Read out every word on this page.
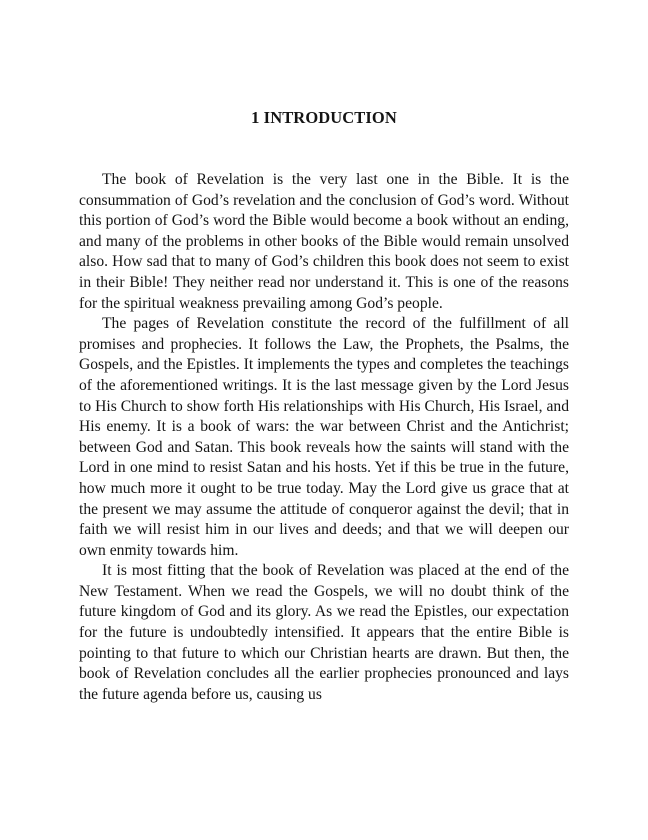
1 INTRODUCTION

The book of Revelation is the very last one in the Bible. It is the consummation of God’s revelation and the conclusion of God’s word. Without this portion of God’s word the Bible would become a book without an ending, and many of the problems in other books of the Bible would remain unsolved also. How sad that to many of God’s children this book does not seem to exist in their Bible! They neither read nor understand it. This is one of the reasons for the spiritual weakness prevailing among God’s people.

The pages of Revelation constitute the record of the fulfillment of all promises and prophecies. It follows the Law, the Prophets, the Psalms, the Gospels, and the Epistles. It implements the types and completes the teachings of the aforementioned writings. It is the last message given by the Lord Jesus to His Church to show forth His relationships with His Church, His Israel, and His enemy. It is a book of wars: the war between Christ and the Antichrist; between God and Satan. This book reveals how the saints will stand with the Lord in one mind to resist Satan and his hosts. Yet if this be true in the future, how much more it ought to be true today. May the Lord give us grace that at the present we may assume the attitude of conqueror against the devil; that in faith we will resist him in our lives and deeds; and that we will deepen our own enmity towards him.

It is most fitting that the book of Revelation was placed at the end of the New Testament. When we read the Gospels, we will no doubt think of the future kingdom of God and its glory. As we read the Epistles, our expectation for the future is undoubtedly intensified. It appears that the entire Bible is pointing to that future to which our Christian hearts are drawn. But then, the book of Revelation concludes all the earlier prophecies pronounced and lays the future agenda before us, causing us
